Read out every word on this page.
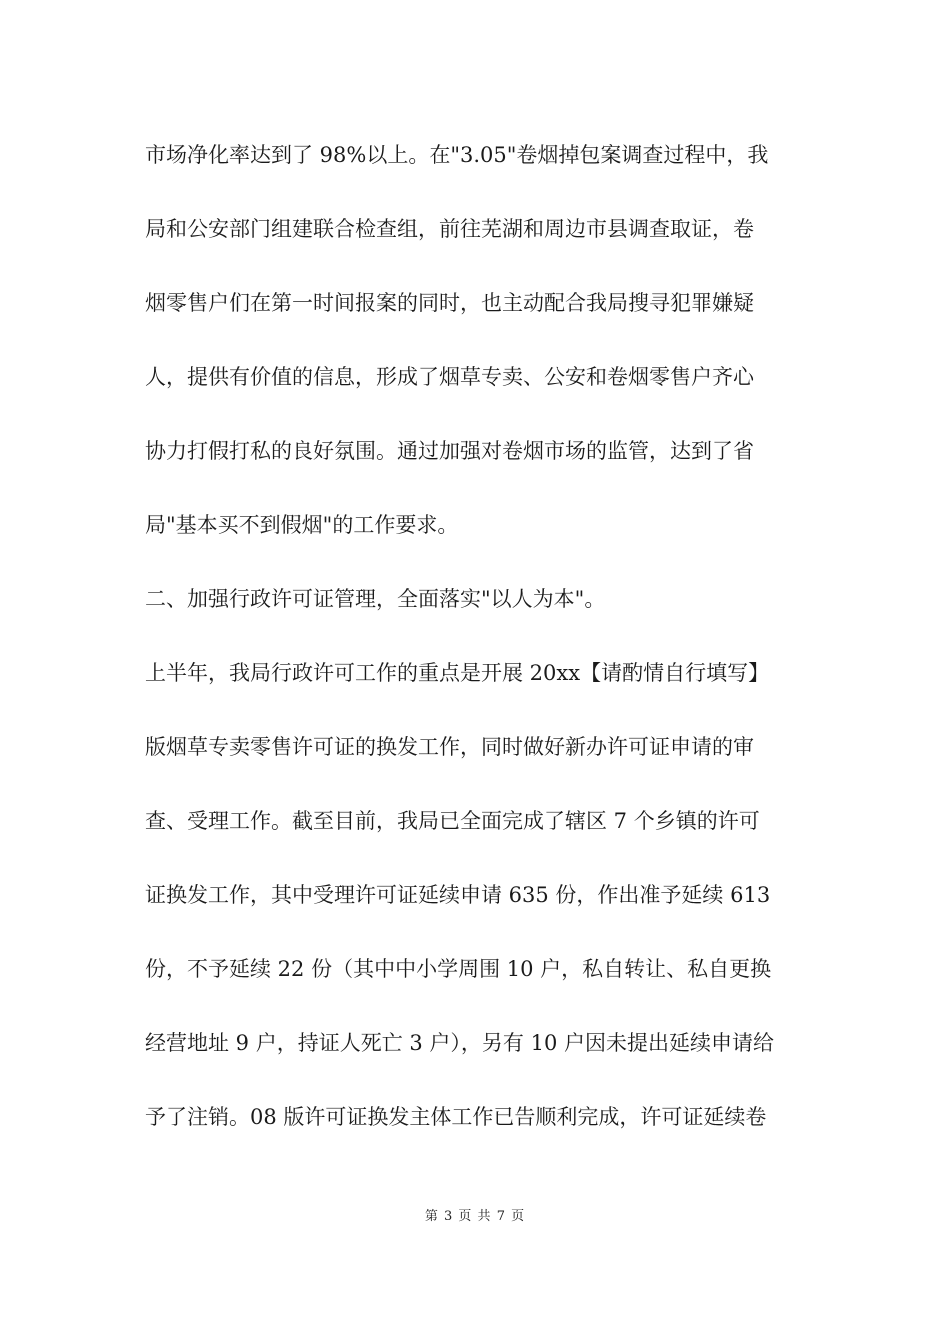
市场净化率达到了 98%以上。在"3.05"卷烟掉包案调查过程中，我
局和公安部门组建联合检查组，前往芜湖和周边市县调查取证，卷
烟零售户们在第一时间报案的同时，也主动配合我局搜寻犯罪嫌疑
人，提供有价值的信息，形成了烟草专卖、公安和卷烟零售户齐心
协力打假打私的良好氛围。通过加强对卷烟市场的监管，达到了省
局"基本买不到假烟"的工作要求。
二、加强行政许可证管理，全面落实"以人为本"。
上半年，我局行政许可工作的重点是开展 20xx【请酌情自行填写】
版烟草专卖零售许可证的换发工作，同时做好新办许可证申请的审
查、受理工作。截至目前，我局已全面完成了辖区 7 个乡镇的许可
证换发工作，其中受理许可证延续申请 635 份，作出准予延续 613
份，不予延续 22 份（其中中小学周围 10 户，私自转让、私自更换
经营地址 9 户，持证人死亡 3 户），另有 10 户因未提出延续申请给
予了注销。08 版许可证换发主体工作已告顺利完成，许可证延续卷
第 3 页 共 7 页
